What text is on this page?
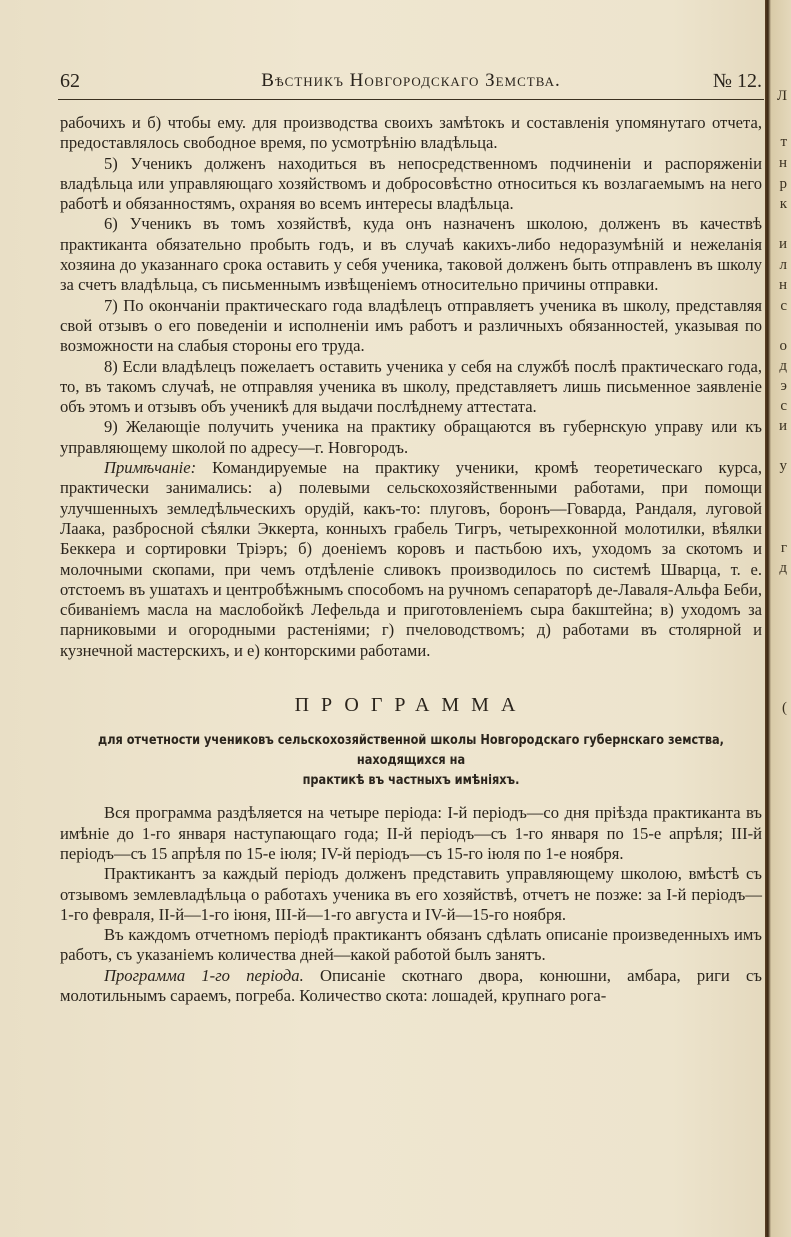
Л
т
н
р
к
и
л
н
с
о
д
э
с
и
у
г
д
(
62	Вѣстникъ Новгородскаго Земства.	№ 12.

рабочихъ и б) чтобы ему. для производства своихъ замѣтокъ и составленія упомянутаго отчета, предоставлялось свободное время, по усмотрѣнію владѣльца.

5) Ученикъ долженъ находиться въ непосредственномъ подчиненіи и распоряженіи владѣльца или управляющаго хозяйствомъ и добросовѣстно относиться къ возлагаемымъ на него работѣ и обязанностямъ, охраняя во всемъ интересы владѣльца.

6) Ученикъ въ томъ хозяйствѣ, куда онъ назначенъ школою, долженъ въ качествѣ практиканта обязательно пробыть годъ, и въ случаѣ какихъ-либо недоразумѣній и нежеланія хозяина до указаннаго срока оставить у себя ученика, таковой долженъ быть отправленъ въ школу за счетъ владѣльца, съ письменнымъ извѣщеніемъ относительно причины отправки.

7) По окончаніи практическаго года владѣлецъ отправляетъ ученика въ школу, представляя свой отзывъ о его поведеніи и исполненіи имъ работъ и различныхъ обязанностей, указывая по возможности на слабыя стороны его труда.

8) Если владѣлецъ пожелаетъ оставить ученика у себя на службѣ послѣ практическаго года, то, въ такомъ случаѣ, не отправляя ученика въ школу, представляетъ лишь письменное заявленіе объ этомъ и отзывъ объ ученикѣ для выдачи послѣднему аттестата.

9) Желающіе получить ученика на практику обращаются въ губернскую управу или къ управляющему школой по адресу—г. Новгородъ.

Примѣчаніе: Командируемые на практику ученики, кромѣ теоретическаго курса, практически занимались: а) полевыми сельскохозяйственными работами, при помощи улучшенныхъ земледѣльческихъ орудій, какъ-то: плуговъ, боронъ—Говарда, Рандаля, луговой Лаака, разбросной сѣялки Эккерта, конныхъ грабель Тигръ, четырехконной молотилки, вѣялки Беккера и сортировки Тріэръ; б) доеніемъ коровъ и пастьбою ихъ, уходомъ за скотомъ и молочными скопами, при чемъ отдѣленіе сливокъ производилось по системѣ Шварца, т. е. отстоемъ въ ушатахъ и центробѣжнымъ способомъ на ручномъ сепараторѣ де-Лаваля-Альфа Беби, сбиваніемъ масла на маслобойкѣ Лефельда и приготовленіемъ сыра бакштейна; в) уходомъ за парниковыми и огородными растеніями; г) пчеловодствомъ; д) работами въ столярной и кузнечной мастерскихъ, и е) конторскими работами.

ПРОГРАММА

для отчетности учениковъ сельскохозяйственной школы Новгородскаго губернскаго земства, находящихся на

практикѣ въ частныхъ имѣніяхъ.

Вся программа раздѣляется на четыре періода: I-й періодъ—со дня пріѣзда практиканта въ имѣніе до 1-го января наступающаго года; II-й періодъ—съ 1-го января по 15-е апрѣля; III-й періодъ—съ 15 апрѣля по 15-е іюля; IV-й періодъ—съ 15-го іюля по 1-е ноября.

Практикантъ за каждый періодъ долженъ представить управляющему школою, вмѣстѣ съ отзывомъ землевладѣльца о работахъ ученика въ его хозяйствѣ, отчетъ не позже: за I-й періодъ—1-го февраля, II-й—1-го іюня, III-й—1-го августа и IV-й—15-го ноября.

Въ каждомъ отчетномъ періодѣ практикантъ обязанъ сдѣлать описаніе произведенныхъ имъ работъ, съ указаніемъ количества дней—какой работой былъ занятъ.

Программа 1-го періода. Описаніе скотнаго двора, конюшни, амбара, риги съ молотильнымъ сараемъ, погреба. Количество скота: лошадей, крупнаго рога-
